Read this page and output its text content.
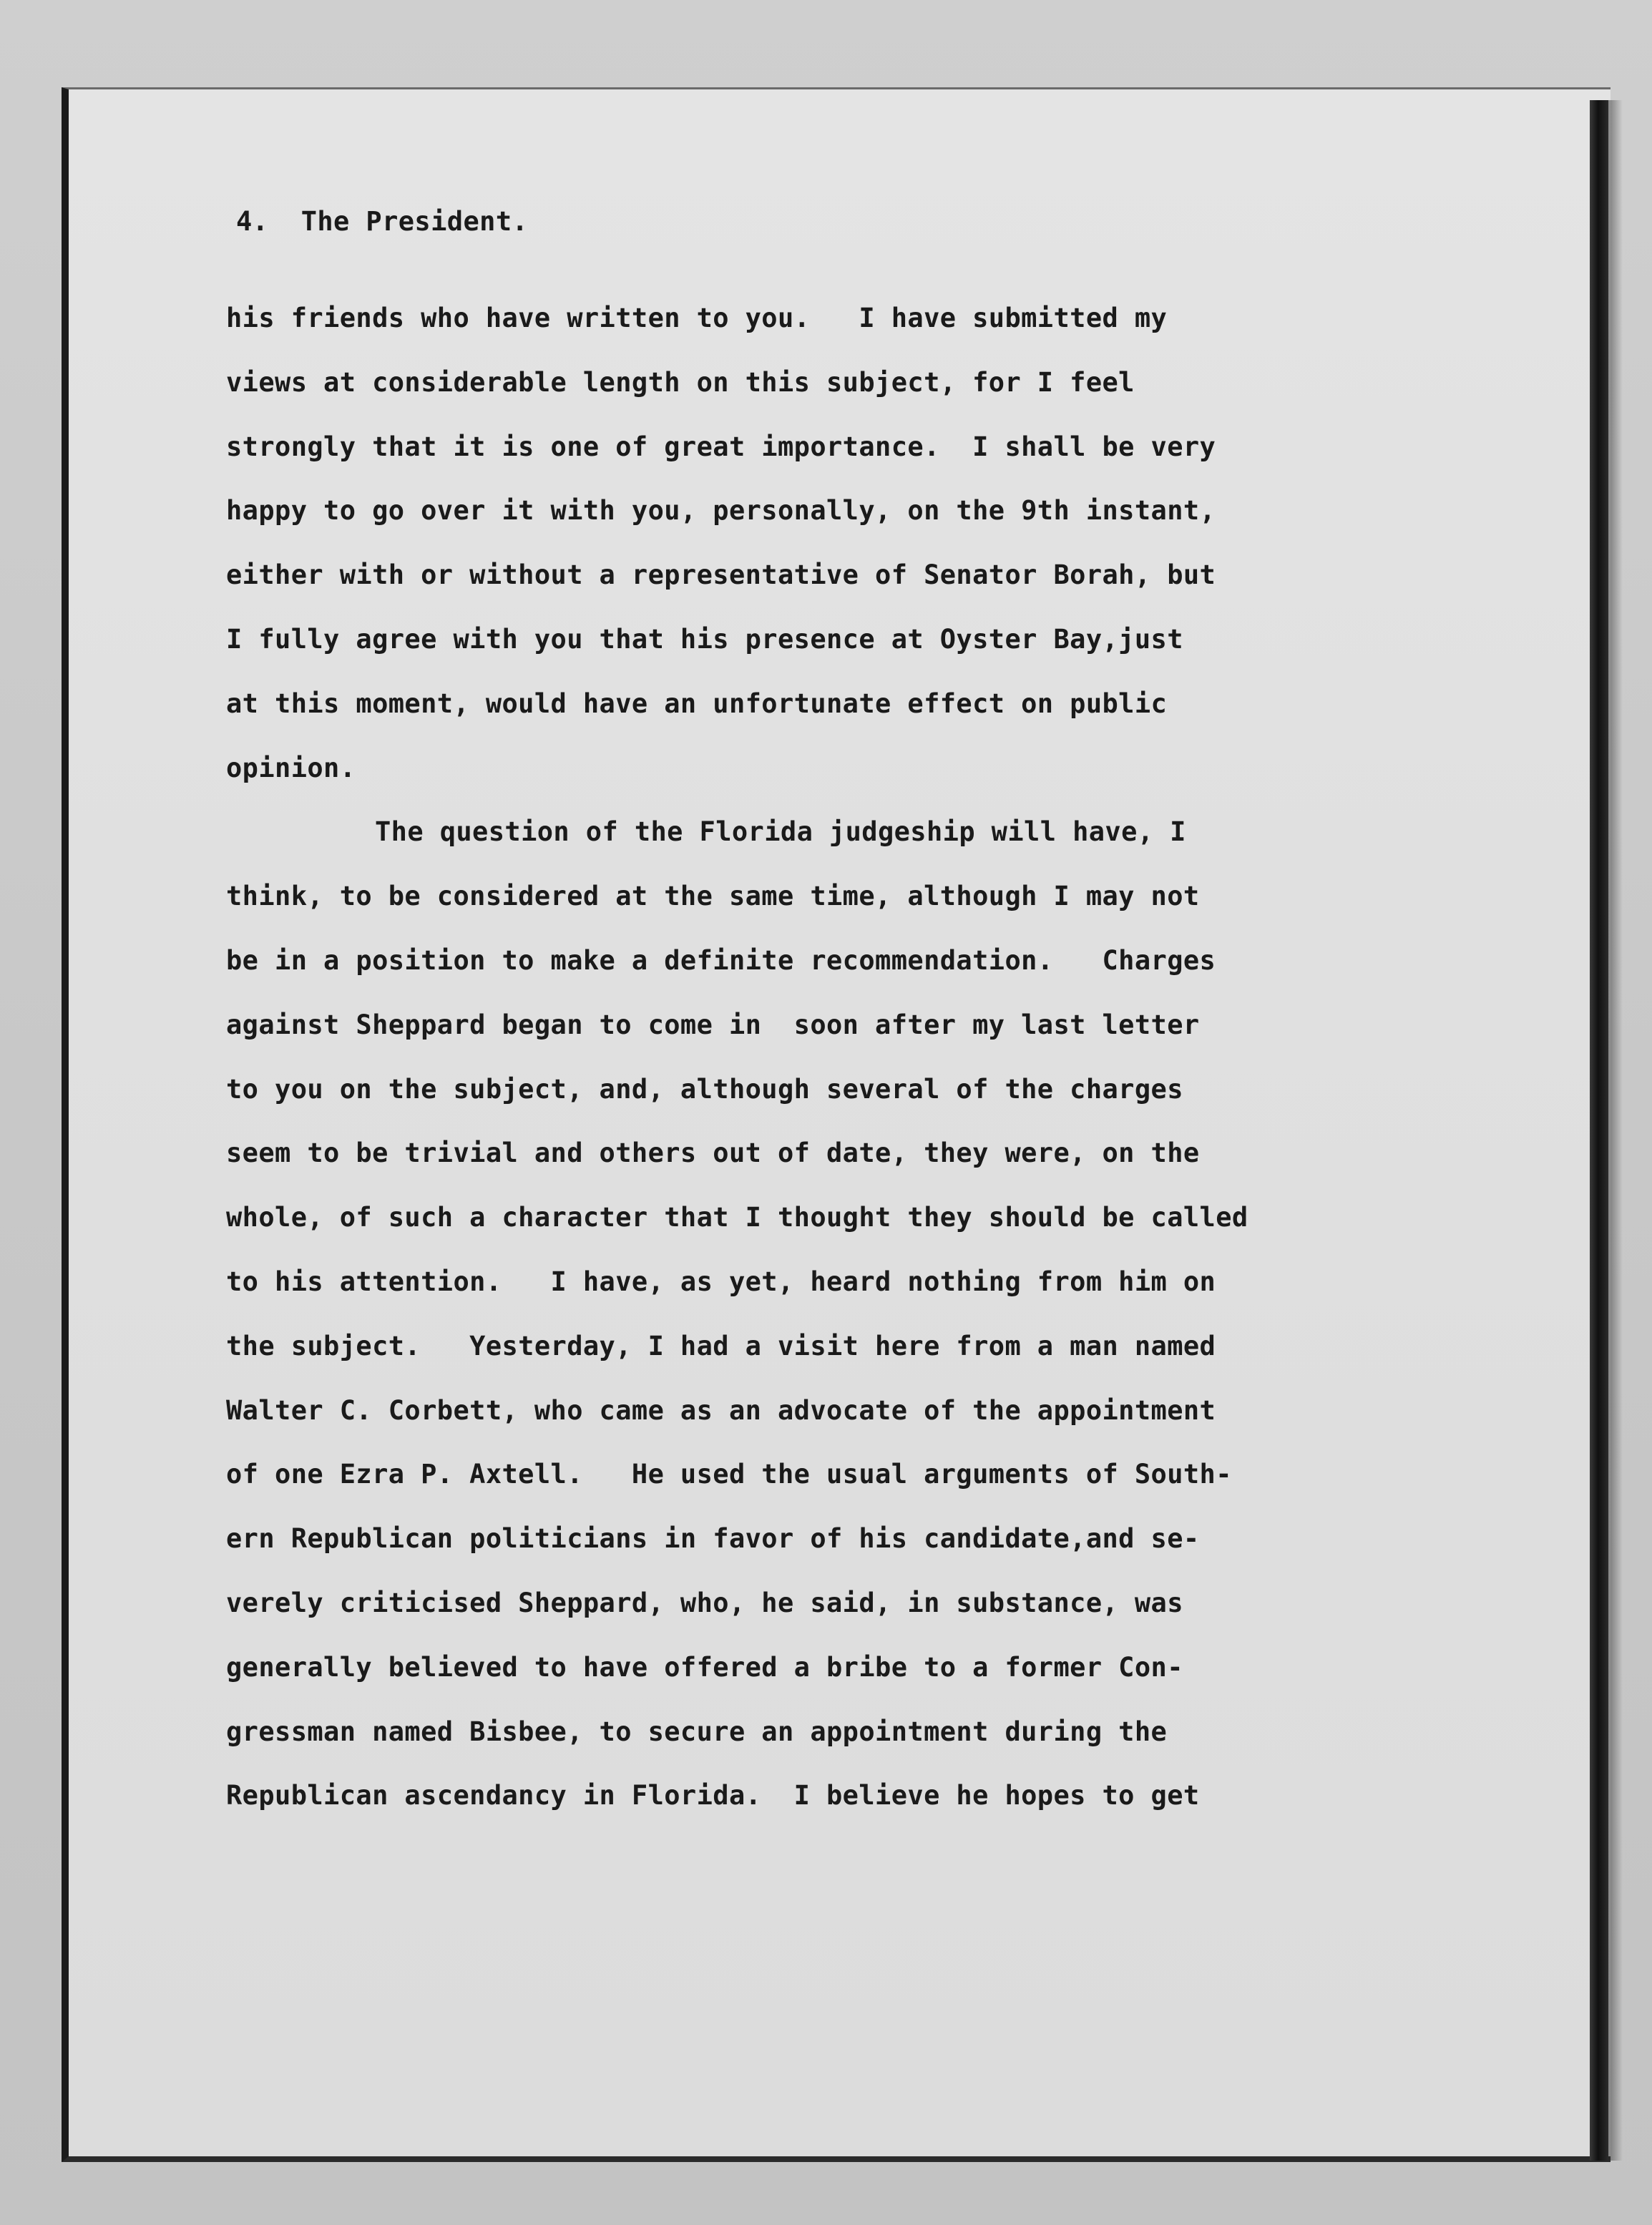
4.  The President.
his friends who have written to you.   I have submitted my
views at considerable length on this subject, for I feel
strongly that it is one of great importance.  I shall be very
happy to go over it with you, personally, on the 9th instant,
either with or without a representative of Senator Borah, but
I fully agree with you that his presence at Oyster Bay,just
at this moment, would have an unfortunate effect on public
opinion.
The question of the Florida judgeship will have, I
think, to be considered at the same time, although I may not
be in a position to make a definite recommendation.   Charges
against Sheppard began to come in  soon after my last letter
to you on the subject, and, although several of the charges
seem to be trivial and others out of date, they were, on the
whole, of such a character that I thought they should be called
to his attention.   I have, as yet, heard nothing from him on
the subject.   Yesterday, I had a visit here from a man named
Walter C. Corbett, who came as an advocate of the appointment
of one Ezra P. Axtell.   He used the usual arguments of South-
ern Republican politicians in favor of his candidate,and se-
verely criticised Sheppard, who, he said, in substance, was
generally believed to have offered a bribe to a former Con-
gressman named Bisbee, to secure an appointment during the
Republican ascendancy in Florida.  I believe he hopes to get
